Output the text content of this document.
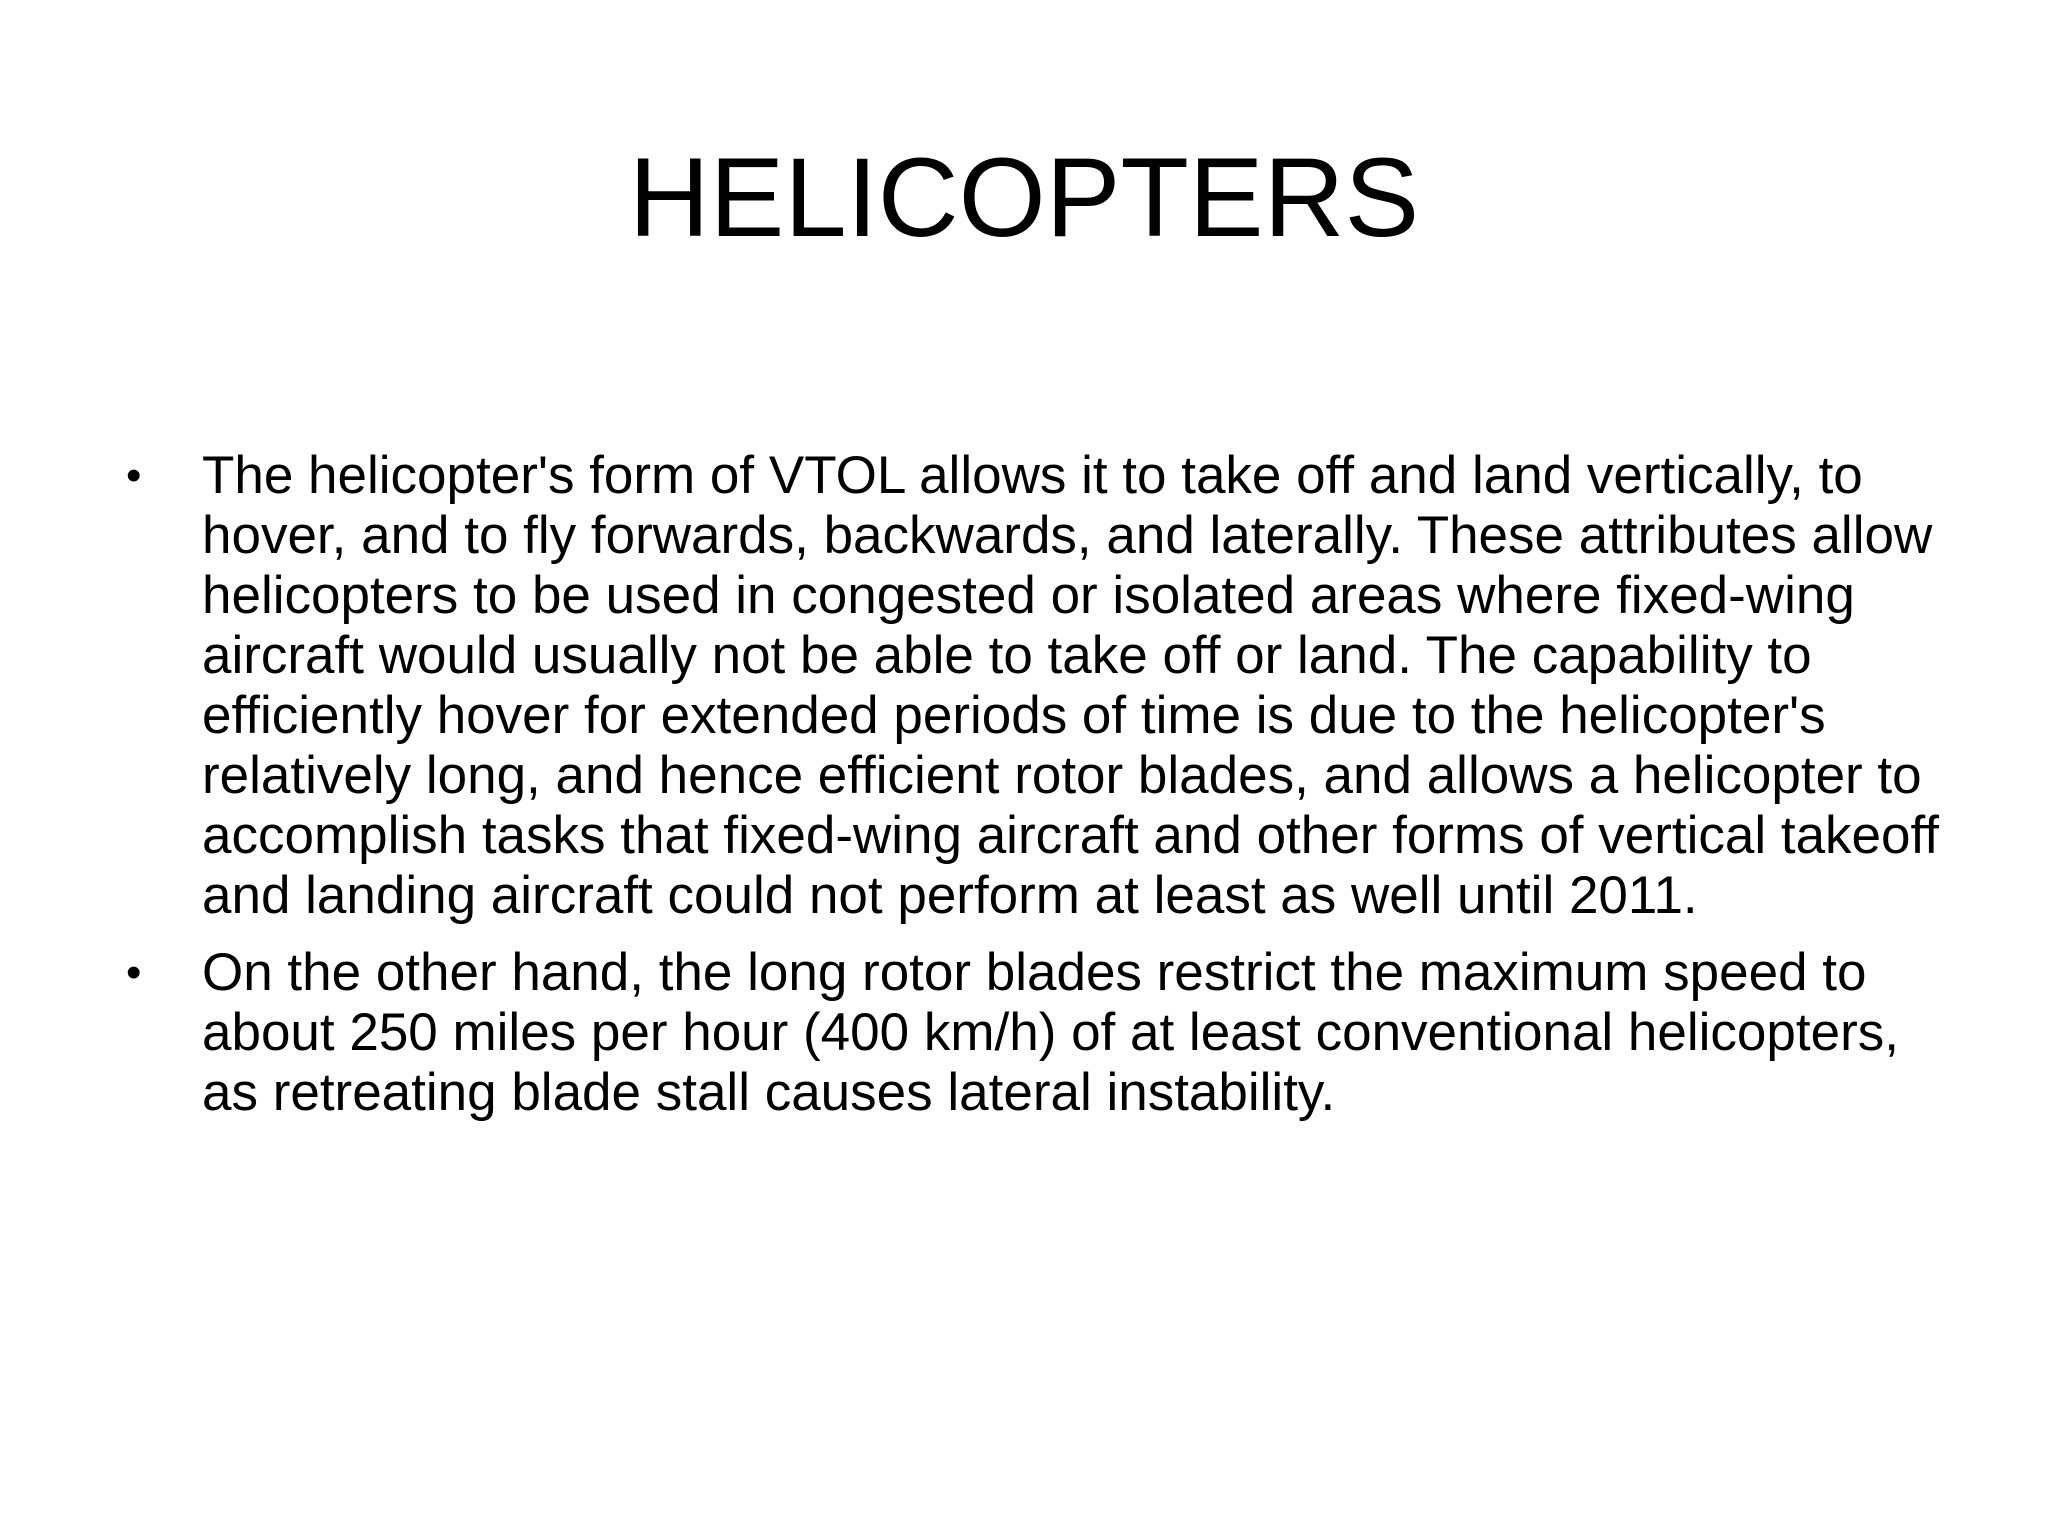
HELICOPTERS
• The helicopter's form of VTOL allows it to take off and land vertically, to hover, and to fly forwards, backwards, and laterally. These attributes allow helicopters to be used in congested or isolated areas where fixed-wing aircraft would usually not be able to take off or land. The capability to efficiently hover for extended periods of time is due to the helicopter's relatively long, and hence efficient rotor blades, and allows a helicopter to accomplish tasks that fixed-wing aircraft and other forms of vertical takeoff and landing aircraft could not perform at least as well until 2011.
• On the other hand, the long rotor blades restrict the maximum speed to about 250 miles per hour (400 km/h) of at least conventional helicopters, as retreating blade stall causes lateral instability.
